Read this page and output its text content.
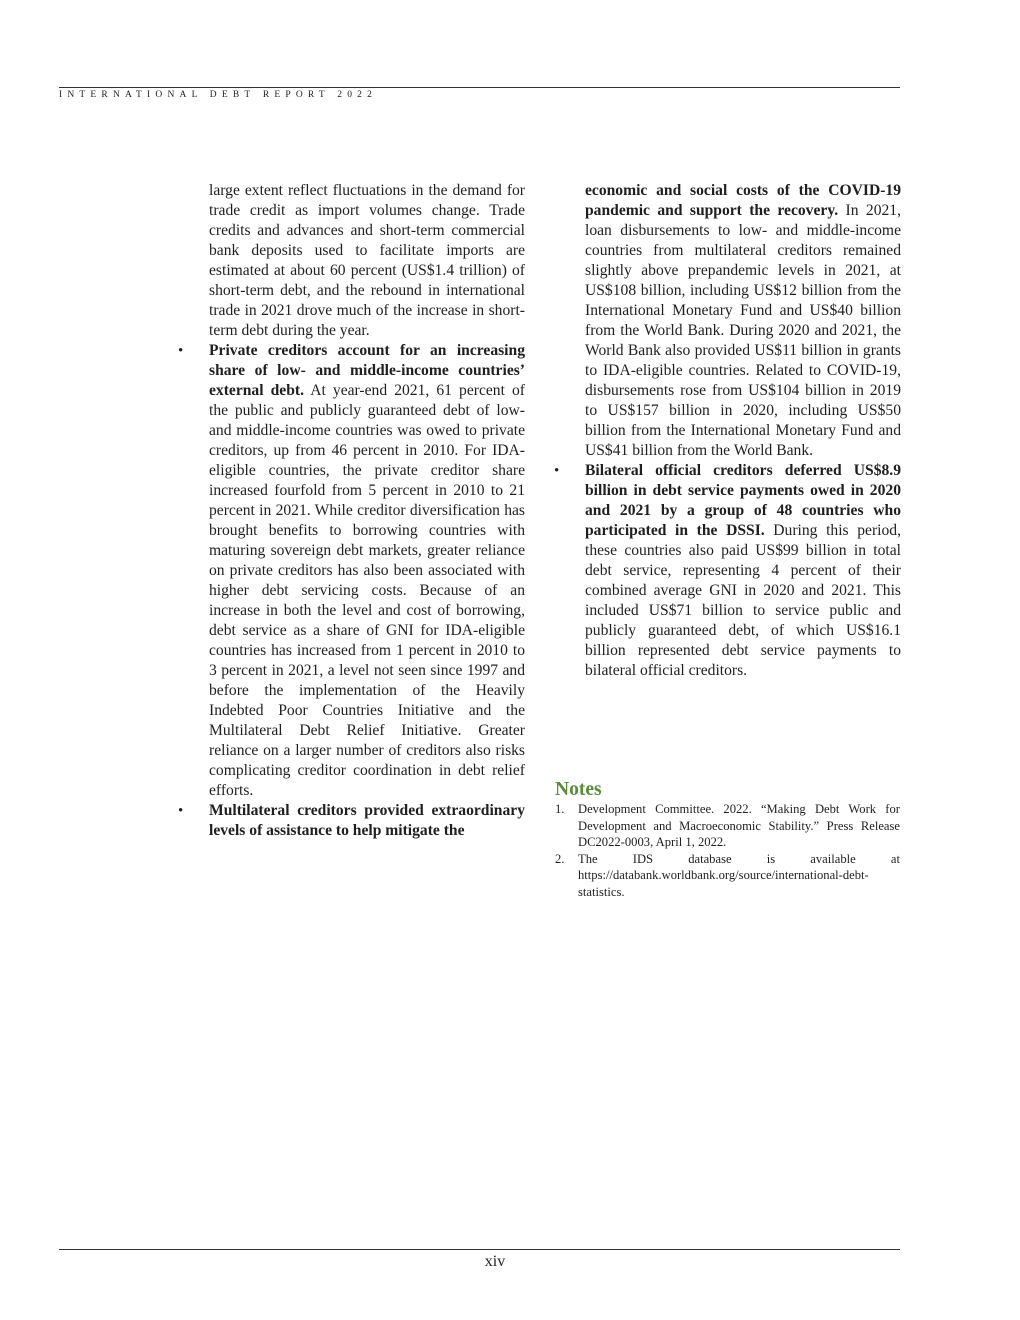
INTERNATIONAL DEBT REPORT 2022

large extent reflect fluctuations in the demand for trade credit as import volumes change. Trade credits and advances and short-term commercial bank deposits used to facilitate imports are estimated at about 60 percent (US$1.4 trillion) of short-term debt, and the rebound in international trade in 2021 drove much of the increase in short-term debt during the year.

• Private creditors account for an increasing share of low- and middle-income countries’ external debt. At year-end 2021, 61 percent of the public and publicly guaranteed debt of low- and middle-income countries was owed to private creditors, up from 46 percent in 2010. For IDA-eligible countries, the private creditor share increased fourfold from 5 percent in 2010 to 21 percent in 2021. While creditor diversification has brought benefits to borrowing countries with maturing sovereign debt markets, greater reliance on private creditors has also been associated with higher debt servicing costs. Because of an increase in both the level and cost of borrowing, debt service as a share of GNI for IDA-eligible countries has increased from 1 percent in 2010 to 3 percent in 2021, a level not seen since 1997 and before the implementation of the Heavily Indebted Poor Countries Initiative and the Multilateral Debt Relief Initiative. Greater reliance on a larger number of creditors also risks complicating creditor coordination in debt relief efforts.
• Multilateral creditors provided extraordinary levels of assistance to help mitigate the

economic and social costs of the COVID-19 pandemic and support the recovery. In 2021, loan disbursements to low- and middle-income countries from multilateral creditors remained slightly above prepandemic levels in 2021, at US$108 billion, including US$12 billion from the International Monetary Fund and US$40 billion from the World Bank. During 2020 and 2021, the World Bank also provided US$11 billion in grants to IDA-eligible countries. Related to COVID-19, disbursements rose from US$104 billion in 2019 to US$157 billion in 2020, including US$50 billion from the International Monetary Fund and US$41 billion from the World Bank.

• Bilateral official creditors deferred US$8.9 billion in debt service payments owed in 2020 and 2021 by a group of 48 countries who participated in the DSSI. During this period, these countries also paid US$99 billion in total debt service, representing 4 percent of their combined average GNI in 2020 and 2021. This included US$71 billion to service public and publicly guaranteed debt, of which US$16.1 billion represented debt service payments to bilateral official creditors.
Notes

1. Development Committee. 2022. “Making Debt Work for Development and Macroeconomic Stability.” Press Release DC2022-0003, April 1, 2022.

2. The IDS database is available at https://databank.worldbank.org/source/international-debt-statistics.

xiv
